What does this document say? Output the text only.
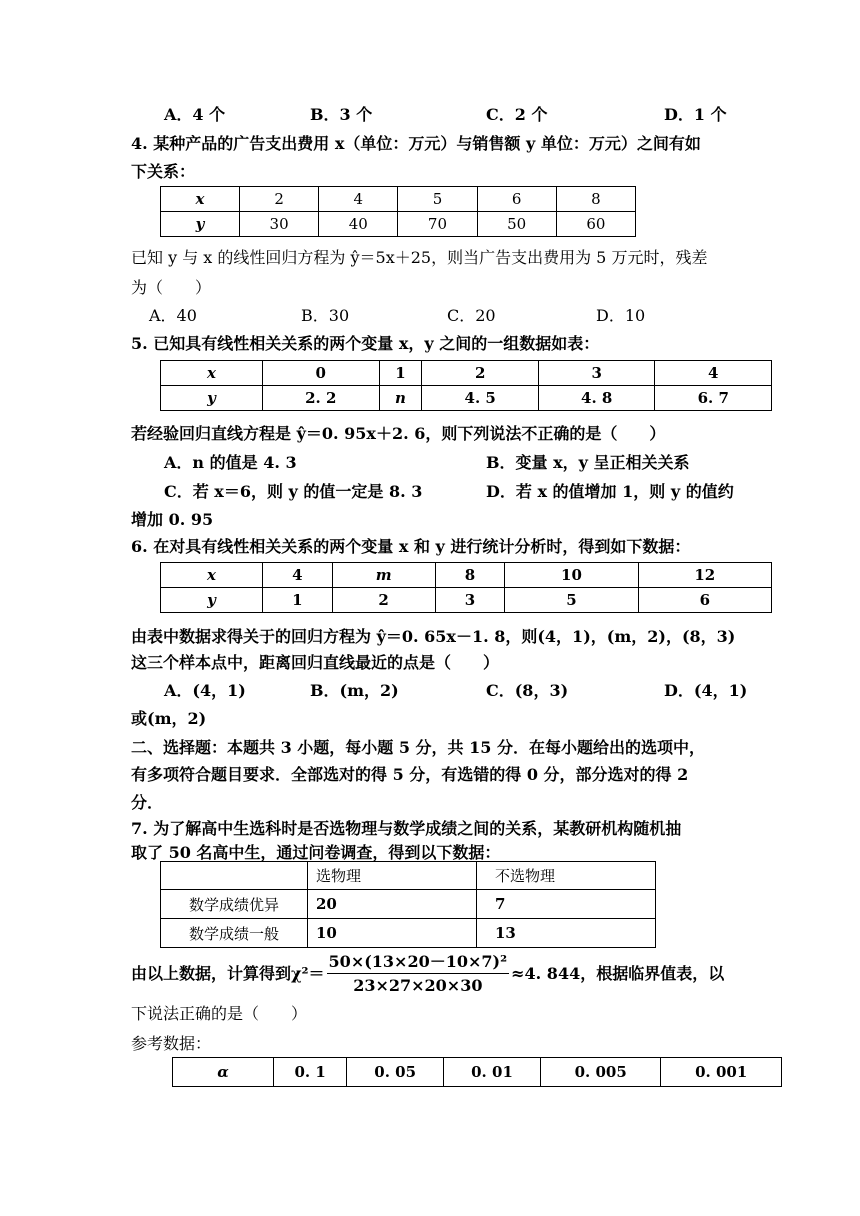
A．4 个	B．3 个	C．2 个	D．1 个
4. 某种产品的广告支出费用 x（单位：万元）与销售额 y 单位：万元）之间有如
下关系：
x	2	4	5	6	8
y	30	40	70	50	60
已知 y 与 x 的线性回归方程为 ŷ＝5x＋25，则当广告支出费用为 5 万元时，残差
为（　　）
A．40	B．30	C．20	D．10
5. 已知具有线性相关关系的两个变量 x，y 之间的一组数据如表：
x	0	1	2	3	4
y	2. 2	n	4. 5	4. 8	6. 7
若经验回归直线方程是 ŷ＝0. 95x＋2. 6，则下列说法不正确的是（　　）
A．n 的值是 4. 3	B．变量 x，y 呈正相关关系
C．若 x＝6，则 y 的值一定是 8. 3	D．若 x 的值增加 1，则 y 的值约
增加 0. 95
6. 在对具有线性相关关系的两个变量 x 和 y 进行统计分析时，得到如下数据：
x	4	m	8	10	12
y	1	2	3	5	6
由表中数据求得关于的回归方程为 ŷ＝0. 65x－1. 8，则(4，1)，(m，2)，(8，3)
这三个样本点中，距离回归直线最近的点是（　　）
A．(4，1)	B．(m，2)	C．(8，3)	D．(4，1)
或(m，2)
二、选择题：本题共 3 小题，每小题 5 分，共 15 分．在每小题给出的选项中，
有多项符合题目要求．全部选对的得 5 分，有选错的得 0 分，部分选对的得 2
分．
7. 为了解高中生选科时是否选物理与数学成绩之间的关系，某教研机构随机抽
取了 50 名高中生，通过问卷调查，得到以下数据：
	选物理	不选物理
数学成绩优异	20	7
数学成绩一般	10	13
由以上数据，计算得到$\chi^2= \frac{\text{50×(13×20－10×7)²}}{23\times 27\times 20\times 30} \approx 4$. 844，根据临界值表，以
下说法正确的是（　　）
参考数据：
α	0. 1	0. 05	0. 01	0. 005	0. 001
